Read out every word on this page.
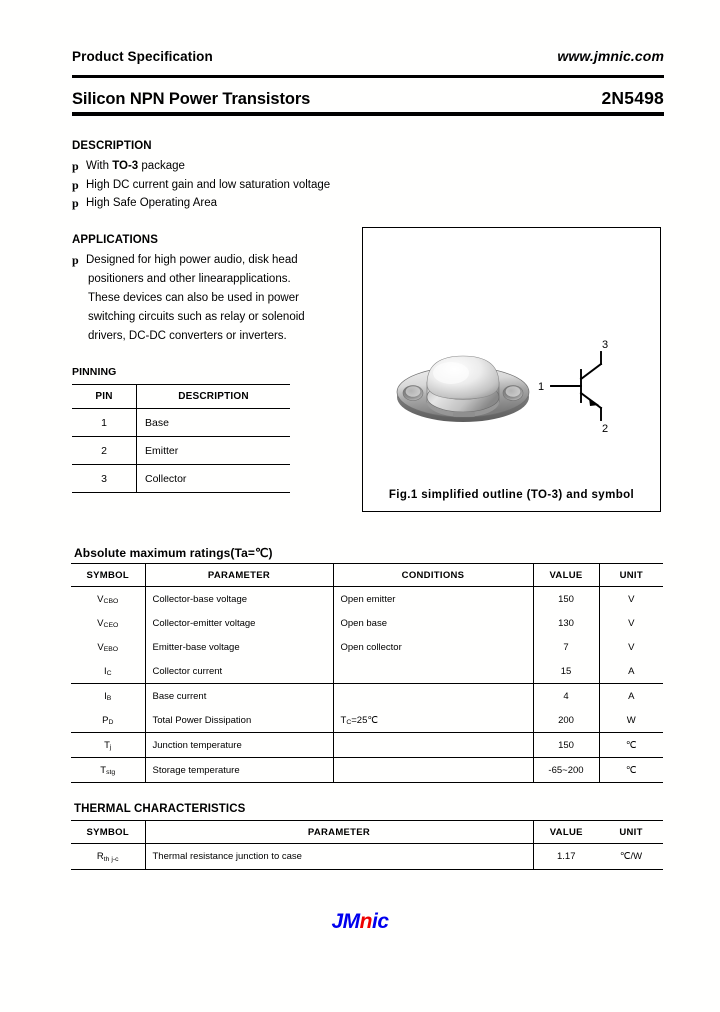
Product Specification	www.jmnic.com
Silicon NPN Power Transistors	2N5498
DESCRIPTION
p With TO-3 package
p High DC current gain and low saturation voltage
p High Safe Operating Area
APPLICATIONS
p Designed for high power audio, disk head
positioners and other linearapplications.
These devices can also be used in power
switching circuits such as relay or solenoid
drivers, DC-DC converters or inverters.
PINNING
PIN	DESCRIPTION
1	Base
2	Emitter
3	Collector
1
3
2
Fig.1 simplified outline (TO-3) and symbol
Absolute maximum ratings(Ta=℃)
SYMBOL	PARAMETER	CONDITIONS	VALUE	UNIT
$V_{CBO}$	Collector-base voltage	Open emitter	150	V
$V_{CEO}$	Collector-emitter voltage	Open base	130	V
$V_{EBO}$	Emitter-base voltage	Open collector	7	V
$I_C$	Collector current		15	A
$I_B$	Base current		4	A
$P_D$	Total Power Dissipation	$T_C=25℃$	200	W
$T_j$	Junction temperature		150	℃
$T_{stg}$	Storage temperature		-65~200	℃
THERMAL CHARACTERISTICS
SYMBOL	PARAMETER	VALUE	UNIT
$R_{th j-c}$	Thermal resistance junction to case	1.17	℃/W
JMnic
